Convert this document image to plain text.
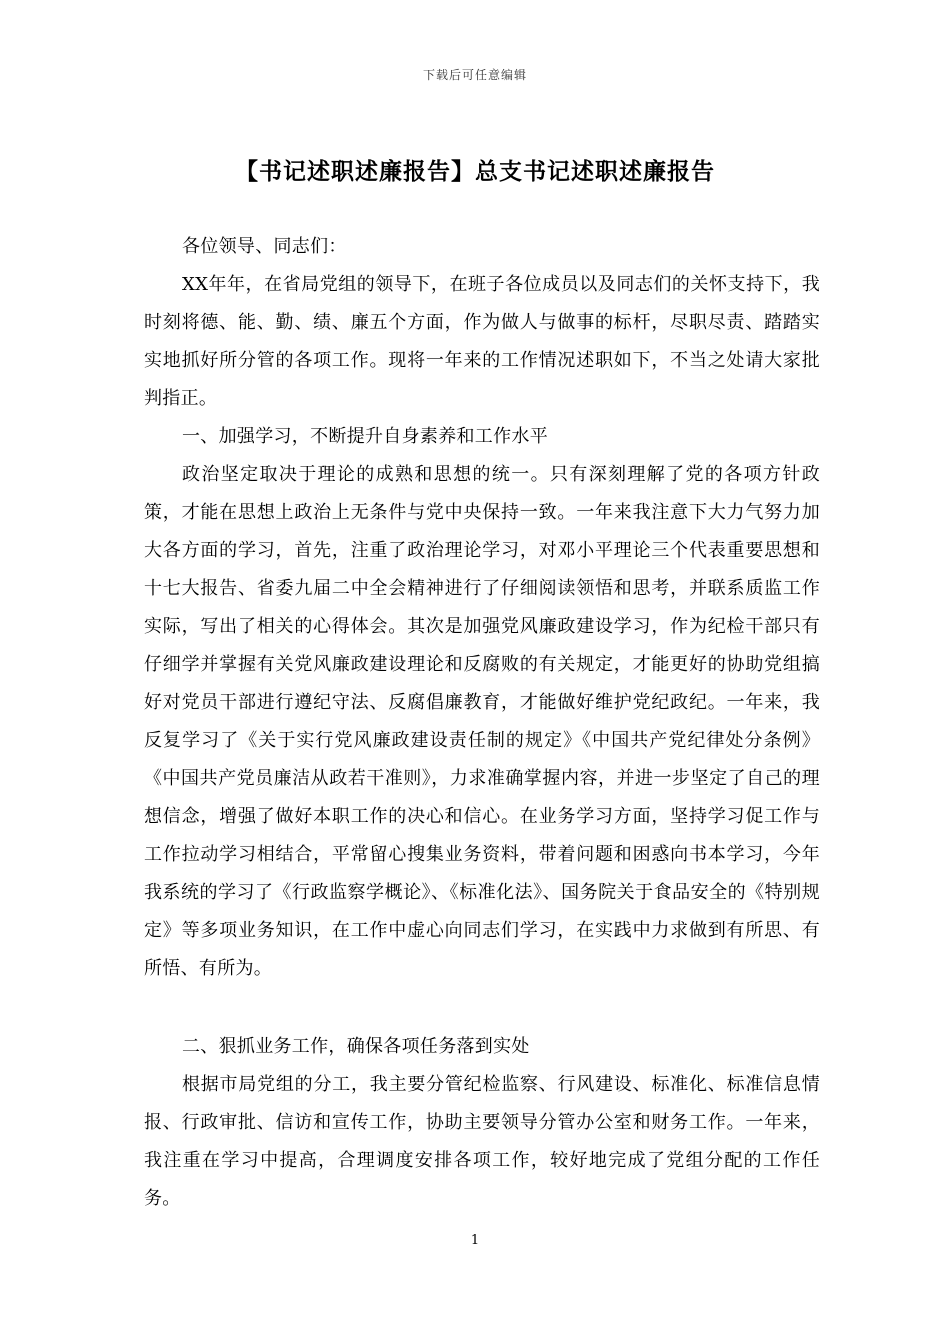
下载后可任意编辑
【书记述职述廉报告】总支书记述职述廉报告

各位领导、同志们：

XX年年，在省局党组的领导下，在班子各位成员以及同志们的关怀支持下，我时刻将德、能、勤、绩、廉五个方面，作为做人与做事的标杆，尽职尽责、踏踏实实地抓好所分管的各项工作。现将一年来的工作情况述职如下，不当之处请大家批判指正。

一、加强学习，不断提升自身素养和工作水平

政治坚定取决于理论的成熟和思想的统一。只有深刻理解了党的各项方针政策，才能在思想上政治上无条件与党中央保持一致。一年来我注意下大力气努力加大各方面的学习，首先，注重了政治理论学习，对邓小平理论三个代表重要思想和十七大报告、省委九届二中全会精神进行了仔细阅读领悟和思考，并联系质监工作实际，写出了相关的心得体会。其次是加强党风廉政建设学习，作为纪检干部只有仔细学并掌握有关党风廉政建设理论和反腐败的有关规定，才能更好的协助党组搞好对党员干部进行遵纪守法、反腐倡廉教育，才能做好维护党纪政纪。一年来，我反复学习了《关于实行党风廉政建设责任制的规定》《中国共产党纪律处分条例》《中国共产党员廉洁从政若干准则》，力求准确掌握内容，并进一步坚定了自己的理想信念，增强了做好本职工作的决心和信心。在业务学习方面，坚持学习促工作与工作拉动学习相结合，平常留心搜集业务资料，带着问题和困惑向书本学习，今年我系统的学习了《行政监察学概论》、《标准化法》、国务院关于食品安全的《特别规定》等多项业务知识，在工作中虚心向同志们学习，在实践中力求做到有所思、有所悟、有所为。

二、狠抓业务工作，确保各项任务落到实处

根据市局党组的分工，我主要分管纪检监察、行风建设、标准化、标准信息情报、行政审批、信访和宣传工作，协助主要领导分管办公室和财务工作。一年来，我注重在学习中提高，合理调度安排各项工作，较好地完成了党组分配的工作任务。

1
